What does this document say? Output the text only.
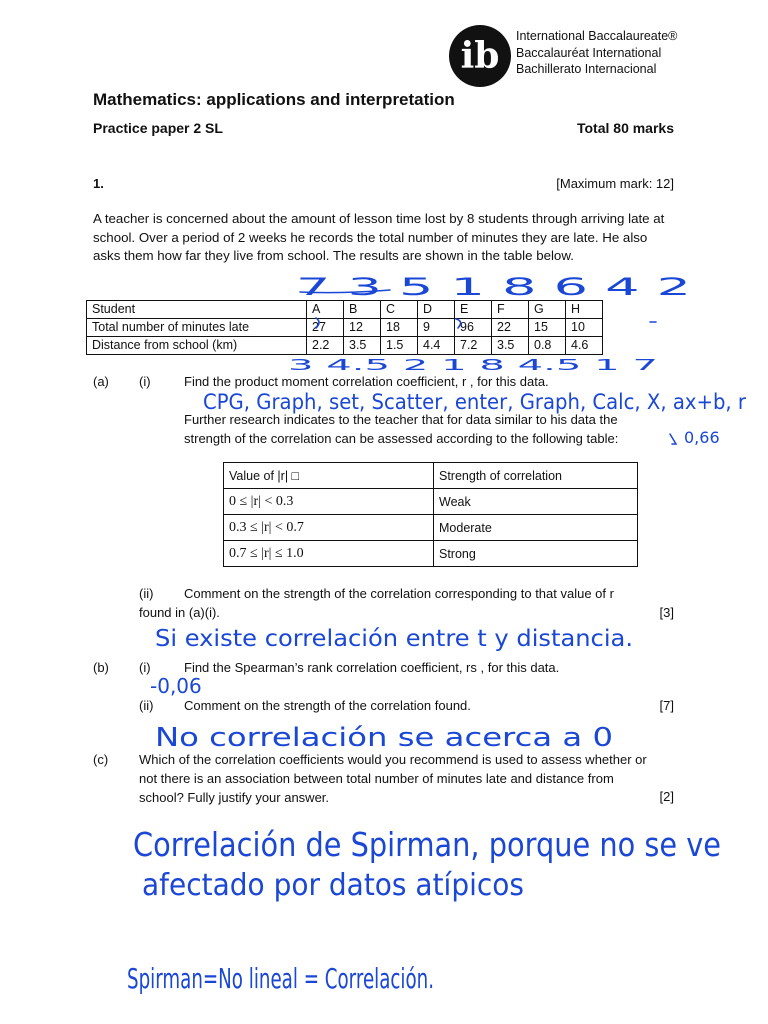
ib International Baccalaureate®
Baccalauréat International
Bachillerato Internacional
Mathematics: applications and interpretation
Practice paper 2 SL	Total 80 marks
1.	[Maximum mark: 12]
A teacher is concerned about the amount of lesson time lost by 8 students through arriving late at school. Over a period of 2 weeks he records the total number of minutes they are late. He also asks them how far they live from school. The results are shown in the table below.
Student	A	B	C	D	E	F	G	H
Total number of minutes late	27	12	18	9	96	22	15	10
Distance from school (km)	2.2	3.5	1.5	4.4	7.2	3.5	0.8	4.6
(a) (i)	Find the product moment correlation coefficient, r , for this data.
Further research indicates to the teacher that for data similar to his data the strength of the correlation can be assessed according to the following table:
Value of |r| □	Strength of correlation
0 ≤ |r| < 0.3	Weak
0.3 ≤ |r| < 0.7	Moderate
0.7 ≤ |r| ≤ 1.0	Strong
(ii) Comment on the strength of the correlation corresponding to that value of r
found in (a)(i).	[3]
(b) (i)	Find the Spearman’s rank correlation coefficient, rs , for this data.
(ii) Comment on the strength of the correlation found.	[7]
(c) Which of the correlation coefficients would you recommend is used to assess whether or not there is an association between total number of minutes late and distance from school? Fully justify your answer.	[2]
7 3 5 1 8 6 4 2
3 4.5 2 1 8 4.5 1 7
CPG, Graph, set, Scatter, enter, Graph, Calc, X, ax+b, r
0,66
Si existe correlación entre t y distancia.
-0,06
No correlación se acerca a 0
Correlación de Spirman, porque no se ve
afectado por datos atípicos
Spirman=No lineal = Correlación.
